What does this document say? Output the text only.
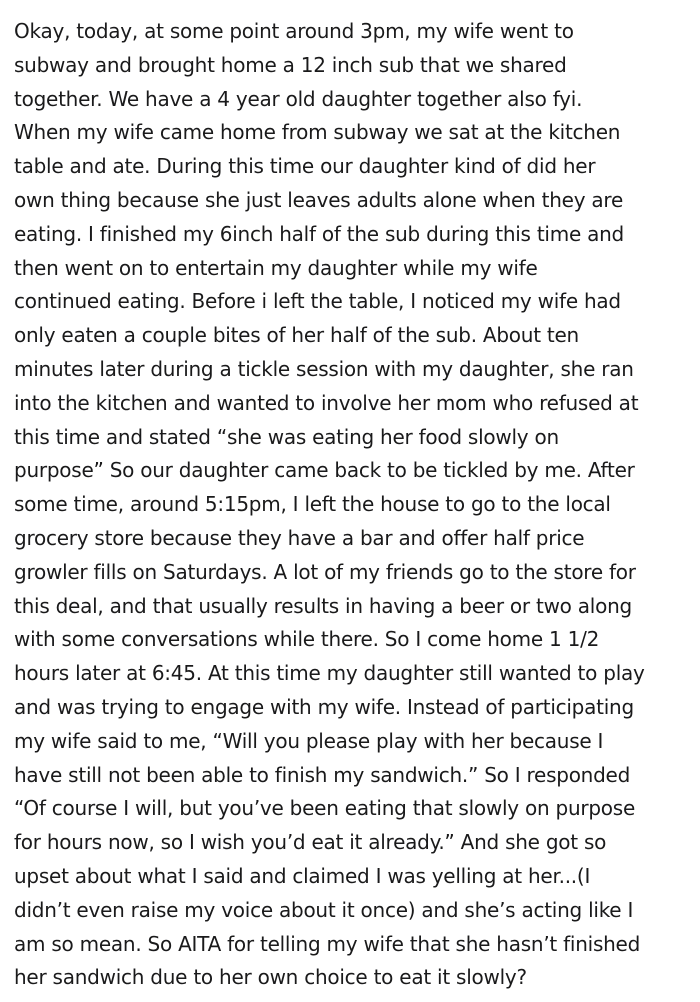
Okay, today, at some point around 3pm, my wife went to
subway and brought home a 12 inch sub that we shared
together. We have a 4 year old daughter together also fyi.
When my wife came home from subway we sat at the kitchen
table and ate. During this time our daughter kind of did her
own thing because she just leaves adults alone when they are
eating. I finished my 6inch half of the sub during this time and
then went on to entertain my daughter while my wife
continued eating. Before i left the table, I noticed my wife had
only eaten a couple bites of her half of the sub. About ten
minutes later during a tickle session with my daughter, she ran
into the kitchen and wanted to involve her mom who refused at
this time and stated “she was eating her food slowly on
purpose” So our daughter came back to be tickled by me. After
some time, around 5:15pm, I left the house to go to the local
grocery store because they have a bar and offer half price
growler fills on Saturdays. A lot of my friends go to the store for
this deal, and that usually results in having a beer or two along
with some conversations while there. So I come home 1 1/2
hours later at 6:45. At this time my daughter still wanted to play
and was trying to engage with my wife. Instead of participating
my wife said to me, “Will you please play with her because I
have still not been able to finish my sandwich.” So I responded
“Of course I will, but you’ve been eating that slowly on purpose
for hours now, so I wish you’d eat it already.” And she got so
upset about what I said and claimed I was yelling at her...(I
didn’t even raise my voice about it once) and she’s acting like I
am so mean. So AITA for telling my wife that she hasn’t finished
her sandwich due to her own choice to eat it slowly?
